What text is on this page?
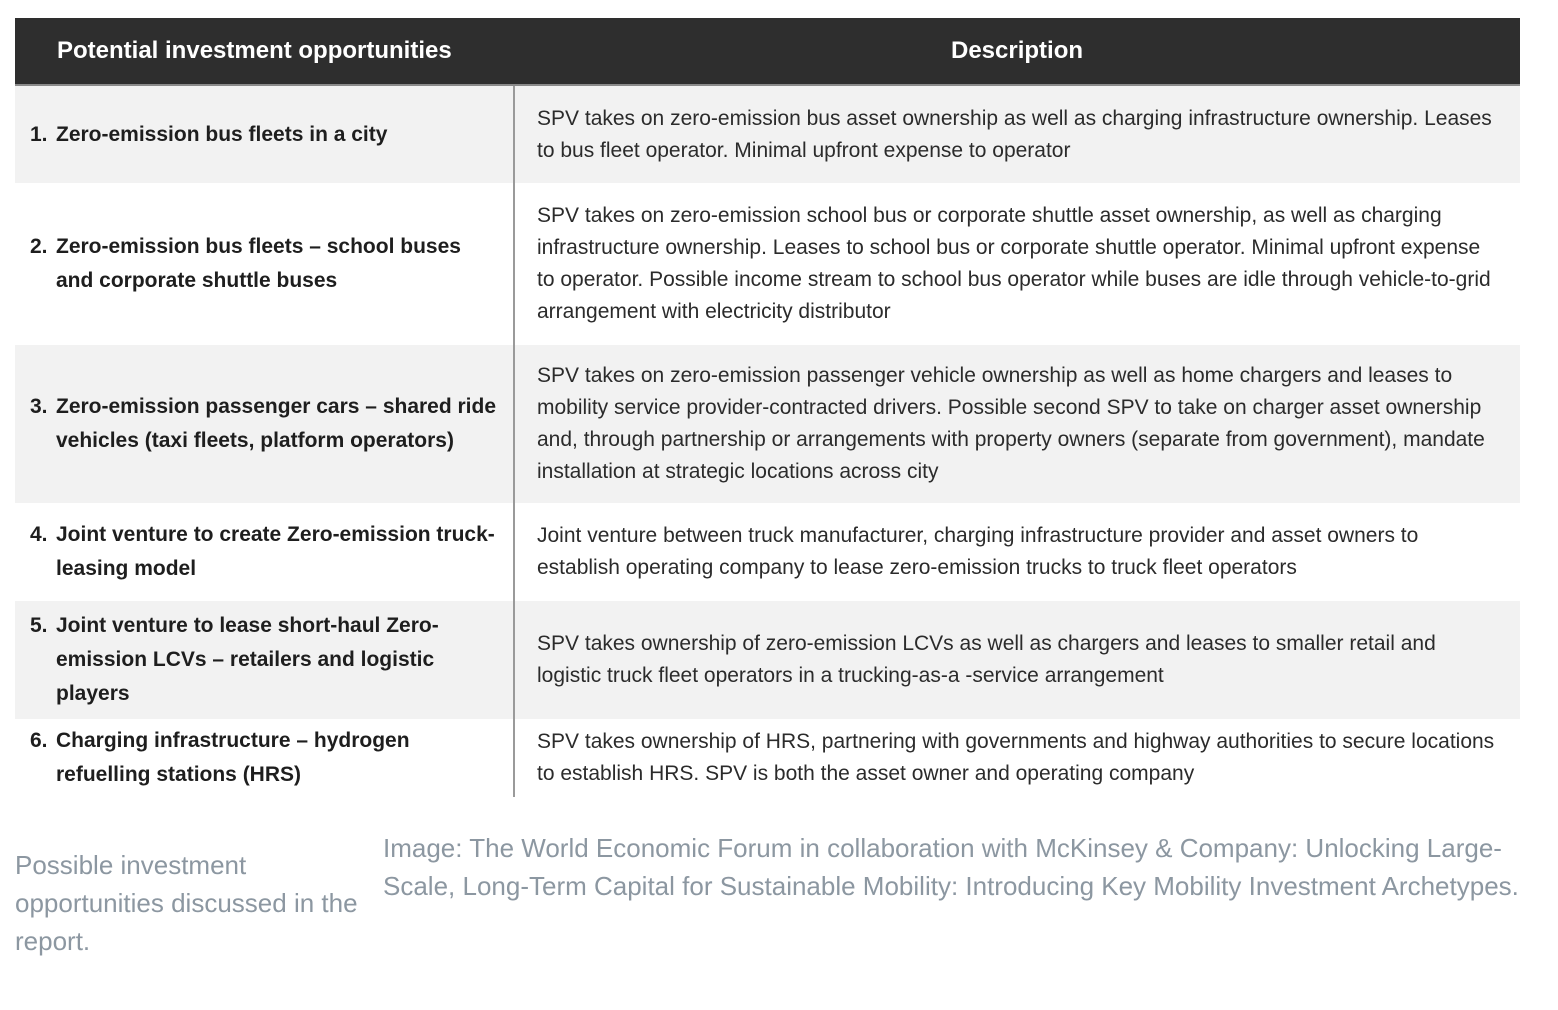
Potential investment opportunities	Description

1. Zero-emission bus fleets in a city	SPV takes on zero-emission bus asset ownership as well as charging infrastructure ownership. Leases to bus fleet operator. Minimal upfront expense to operator

2. Zero-emission bus fleets – school buses and corporate shuttle buses	SPV takes on zero-emission school bus or corporate shuttle asset ownership, as well as charging infrastructure ownership. Leases to school bus or corporate shuttle operator. Minimal upfront expense to operator. Possible income stream to school bus operator while buses are idle through vehicle-to-grid arrangement with electricity distributor

3. Zero-emission passenger cars – shared ride vehicles (taxi fleets, platform operators)	SPV takes on zero-emission passenger vehicle ownership as well as home chargers and leases to mobility service provider-contracted drivers. Possible second SPV to take on charger asset ownership and, through partnership or arrangements with property owners (separate from government), mandate installation at strategic locations across city

4. Joint venture to create Zero-emission truck-leasing model	Joint venture between truck manufacturer, charging infrastructure provider and asset owners to establish operating company to lease zero-emission trucks to truck fleet operators

5. Joint venture to lease short-haul Zero-emission LCVs – retailers and logistic players	SPV takes ownership of zero-emission LCVs as well as chargers and leases to smaller retail and logistic truck fleet operators in a trucking-as-a -service arrangement

6. Charging infrastructure – hydrogen refuelling stations (HRS)	SPV takes ownership of HRS, partnering with governments and highway authorities to secure locations to establish HRS. SPV is both the asset owner and operating company
Possible investment opportunities discussed in the report.
Image: The World Economic Forum in collaboration with McKinsey & Company: Unlocking Large-Scale, Long-Term Capital for Sustainable Mobility: Introducing Key Mobility Investment Archetypes.
